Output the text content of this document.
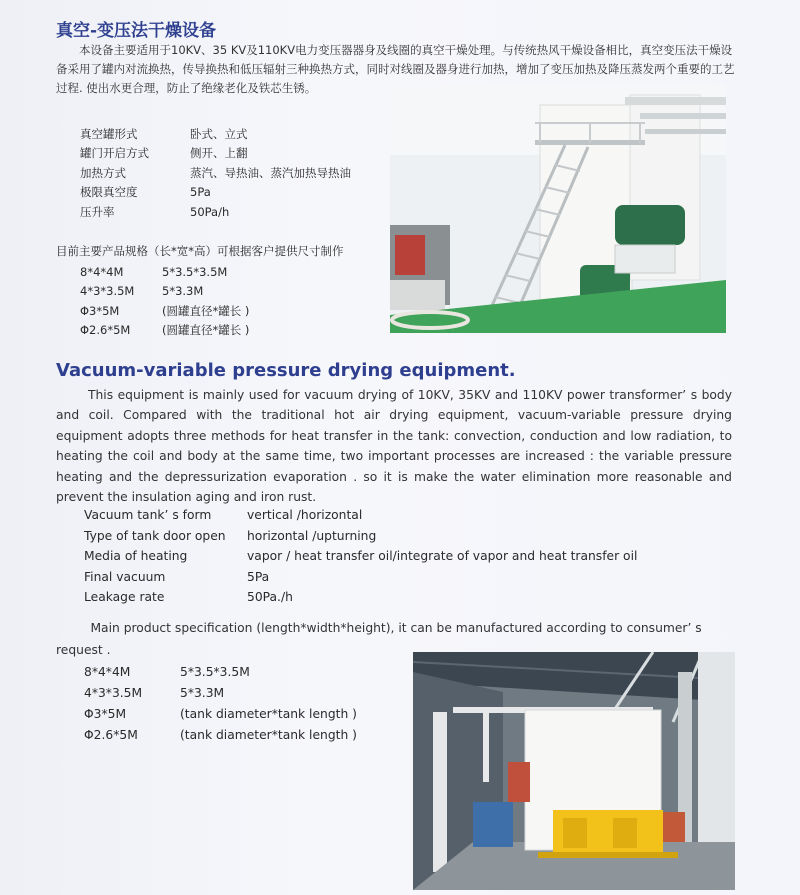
真空-变压法干燥设备

本设备主要适用于10KV、35 KV及110KV电力变压器器身及线圈的真空干燥处理。与传统热风干燥设备相比，真空变压法干燥设备采用了罐内对流换热，传导换热和低压辐射三种换热方式，同时对线圈及器身进行加热，增加了变压加热及降压蒸发两个重要的工艺过程. 使出水更合理，防止了绝缘老化及铁芯生锈。

真空罐形式	卧式、立式
罐门开启方式	侧开、上翻
加热方式	蒸汽、导热油、蒸汽加热导热油
极限真空度	5Pa
压升率	50Pa/h

目前主要产品规格（长*宽*高）可根据客户提供尺寸制作

8*4*4M	5*3.5*3.5M
4*3*3.5M	5*3.3M
Φ3*5M	(圆罐直径*罐长 )
Φ2.6*5M	(圆罐直径*罐长 )
Vacuum-variable pressure drying equipment.

This equipment is mainly used for vacuum drying of 10KV, 35KV and 110KV power transformer’ s body and coil. Compared with the traditional hot air drying equipment, vacuum-variable pressure drying equipment adopts three methods for heat transfer in the tank: convection, conduction and low radiation, to heating the coil and body at the same time, two important processes are increased : the variable pressure heating and the depressurization evaporation . so it is make the water elimination more reasonable and prevent the insulation aging and iron rust.

Vacuum tank’ s form	vertical /horizontal
Type of tank door open	horizontal /upturning
Media of heating	vapor / heat transfer oil/integrate of vapor and heat transfer oil
Final vacuum	5Pa
Leakage rate	50Pa./h

Main product specification (length*width*height), it can be manufactured according to consumer’ s request .

8*4*4M	5*3.5*3.5M
4*3*3.5M	5*3.3M
Φ3*5M	(tank diameter*tank length )
Φ2.6*5M	(tank diameter*tank length )
